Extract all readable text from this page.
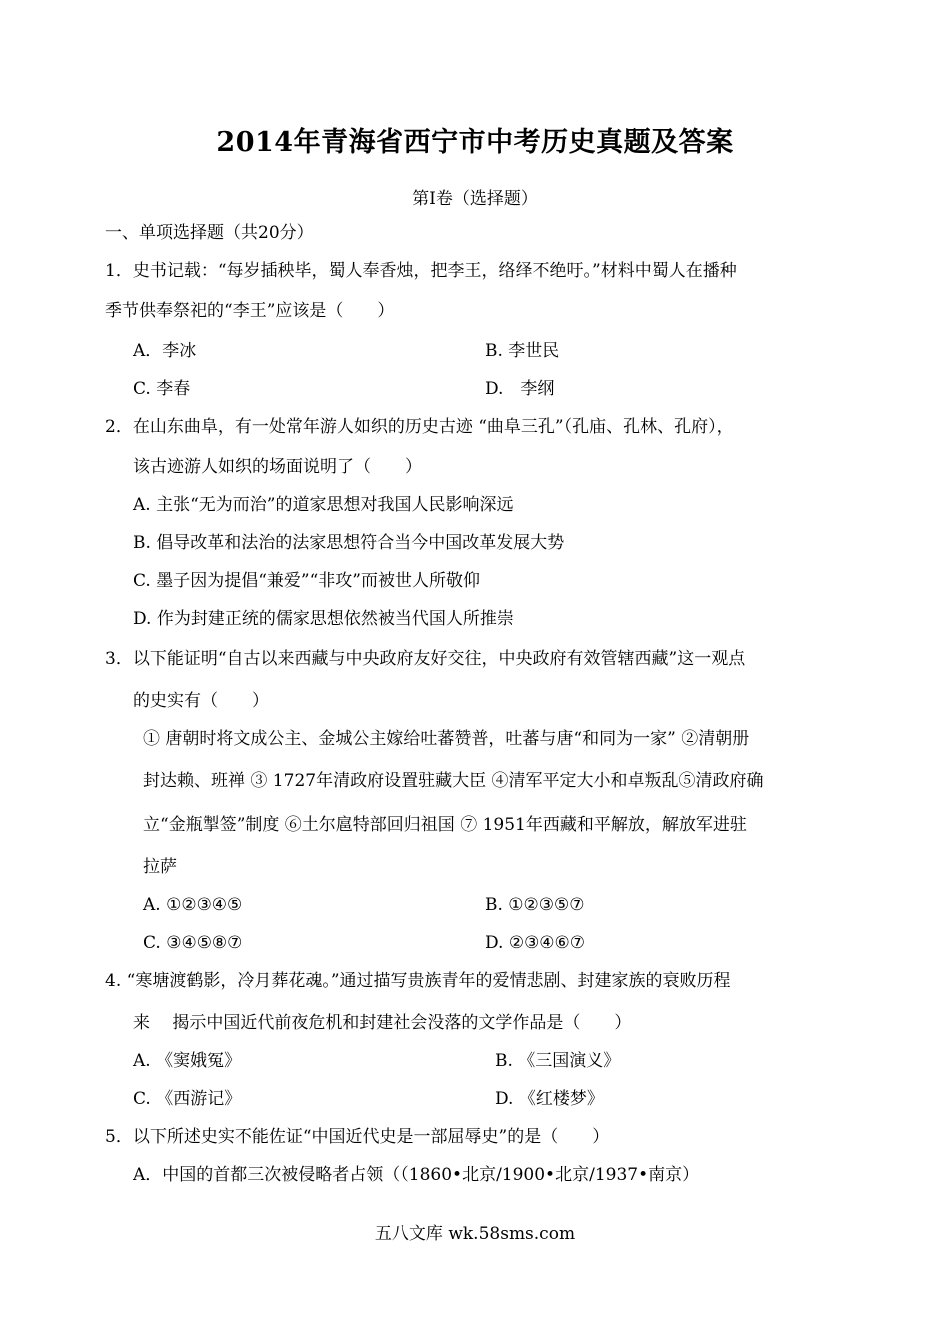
2014年青海省西宁市中考历史真题及答案
第Ⅰ卷（选择题）
一、单项选择题（共20分）
1．史书记载：“每岁插秧毕，蜀人奉香烛，把李王，络绎不绝吁。”材料中蜀人在播种
季节供奉祭祀的“李王”应该是（　　）
A．李冰	B. 李世民
C. 李春	D.　李纲
2．在山东曲阜，有一处常年游人如织的历史古迹 “曲阜三孔”（孔庙、孔林、孔府），
该古迹游人如织的场面说明了（　　）
A. 主张“无为而治”的道家思想对我国人民影响深远
B. 倡导改革和法治的法家思想符合当今中国改革发展大势
C. 墨子因为提倡“兼爱”“非攻”而被世人所敬仰
D. 作为封建正统的儒家思想依然被当代国人所推崇
3．以下能证明“自古以来西藏与中央政府友好交往，中央政府有效管辖西藏”这一观点
的史实有（　　）
① 唐朝时将文成公主、金城公主嫁给吐蕃赞普，吐蕃与唐“和同为一家” ②清朝册
封达赖、班禅 ③ 1727年清政府设置驻藏大臣 ④清军平定大小和卓叛乱⑤清政府确
立“金瓶掣签”制度 ⑥土尔扈特部回归祖国 ⑦ 1951年西藏和平解放，解放军进驻
拉萨
A. ①②③④⑤	B. ①②③⑤⑦
C. ③④⑤⑧⑦	D. ②③④⑥⑦
4. “寒塘渡鹤影，冷月葬花魂。”通过描写贵族青年的爱情悲剧、封建家族的衰败历程
来　 揭示中国近代前夜危机和封建社会没落的文学作品是（　　）
A. 《窦娥冤》	B. 《三国演义》
C. 《西游记》	D. 《红楼梦》
5．以下所述史实不能佐证“中国近代史是一部屈辱史”的是（　　）
A．中国的首都三次被侵略者占领（（1860•北京/1900•北京/1937•南京）
五八文库 wk.58sms.com
